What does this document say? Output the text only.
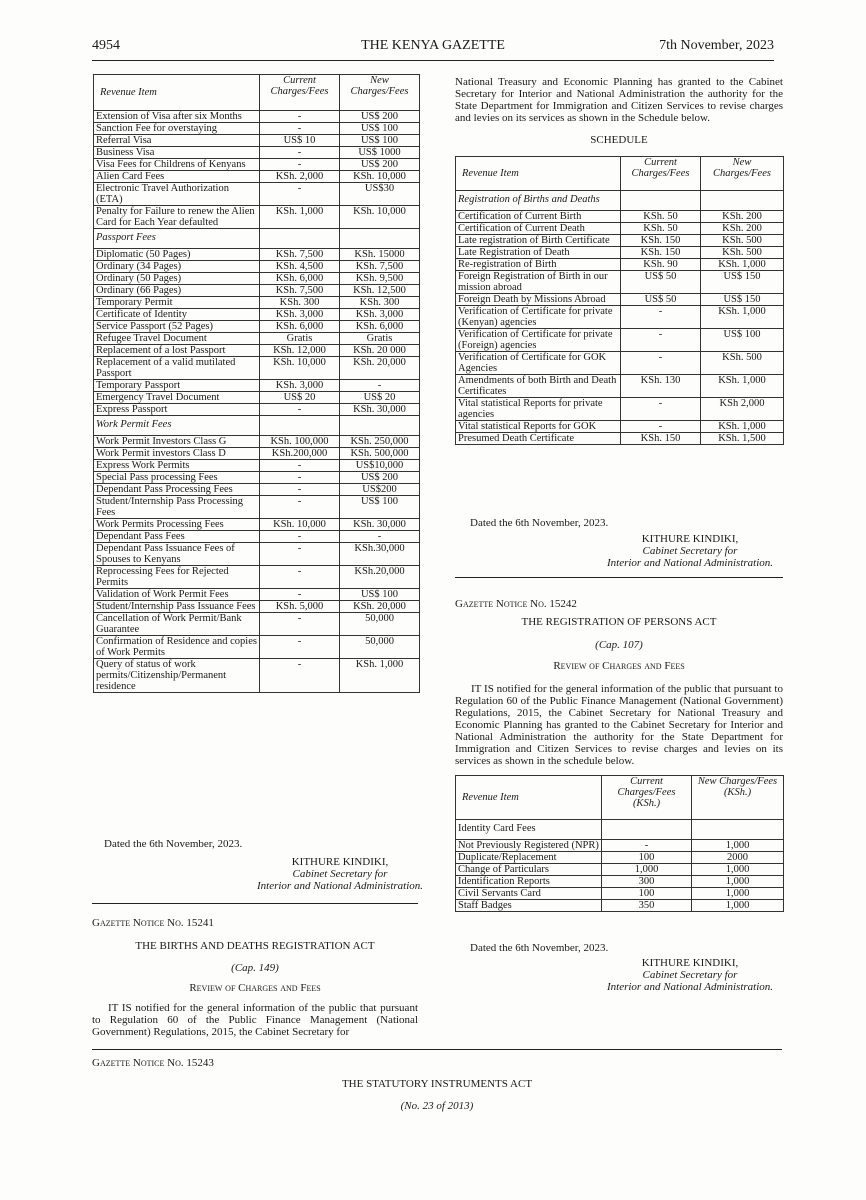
4954	THE KENYA GAZETTE	7th November, 2023
Revenue Item	Current Charges/Fees	New Charges/Fees
Extension of Visa after six Months	-	US$ 200
Sanction Fee for overstaying	-	US$ 100
Referral Visa	US$ 10	US$ 100
Business Visa	-	US$ 1000
Visa Fees for Childrens of Kenyans	-	US$ 200
Alien Card Fees	KSh. 2,000	KSh. 10,000
Electronic Travel Authorization (ETA)	-	US$30
Penalty for Failure to renew the Alien Card for Each Year defaulted	KSh. 1,000	KSh. 10,000
Passport Fees		
Diplomatic (50 Pages)	KSh. 7,500	KSh. 15000
Ordinary (34 Pages)	KSh. 4,500	KSh. 7,500
Ordinary (50 Pages)	KSh. 6,000	KSh. 9,500
Ordinary (66 Pages)	KSh. 7,500	KSh. 12,500
Temporary Permit	KSh. 300	KSh. 300
Certificate of Identity	KSh. 3,000	KSh. 3,000
Service Passport (52 Pages)	KSh. 6,000	KSh. 6,000
Refugee Travel Document	Gratis	Gratis
Replacement of a lost Passport	KSh. 12,000	KSh. 20 000
Replacement of a valid mutilated Passport	KSh. 10,000	KSh. 20,000
Temporary Passport	KSh. 3,000	-
Emergency Travel Document	US$ 20	US$ 20
Express Passport	-	KSh. 30,000
Work Permit Fees		
Work Permit Investors Class G	KSh. 100,000	KSh. 250,000
Work Permit investors Class D	KSh.200,000	KSh. 500,000
Express Work Permits	-	US$10,000
Special Pass processing Fees	-	US$ 200
Dependant Pass Processing Fees	-	US$200
Student/Internship Pass Processing Fees	-	US$ 100
Work Permits Processing Fees	KSh. 10,000	KSh. 30,000
Dependant Pass Fees	-	-
Dependant Pass Issuance Fees of Spouses to Kenyans	-	KSh.30,000
Reprocessing Fees for Rejected Permits	-	KSh.20,000
Validation of Work Permit Fees	-	US$ 100
Student/Internship Pass Issuance Fees	KSh. 5,000	KSh. 20,000
Cancellation of Work Permit/Bank Guarantee	-	50,000
Confirmation of Residence and copies of Work Permits	-	50,000
Query of status of work permits/Citizenship/Permanent residence	-	KSh. 1,000
Dated the 6th November, 2023.
KITHURE KINDIKI,
Cabinet Secretary for
Interior and National Administration.
Gazette Notice No. 15241
THE BIRTHS AND DEATHS REGISTRATION ACT
(Cap. 149)
Review of Charges and Fees
IT IS notified for the general information of the public that pursuant to Regulation 60 of the Public Finance Management (National Government) Regulations, 2015, the Cabinet Secretary for
Gazette Notice No. 15243
THE STATUTORY INSTRUMENTS ACT
(No. 23 of 2013)
National Treasury and Economic Planning has granted to the Cabinet Secretary for Interior and National Administration the authority for the State Department for Immigration and Citizen Services to revise charges and levies on its services as shown in the Schedule below.
SCHEDULE
Revenue Item	Current Charges/Fees	New Charges/Fees
Registration of Births and Deaths		
Certification of Current Birth	KSh. 50	KSh. 200
Certification of Current Death	KSh. 50	KSh. 200
Late registration of Birth Certificate	KSh. 150	KSh. 500
Late Registration of Death	KSh. 150	KSh. 500
Re-registration of Birth	KSh. 90	KSh. 1,000
Foreign Registration of Birth in our mission abroad	US$ 50	US$ 150
Foreign Death by Missions Abroad	US$ 50	US$ 150
Verification of Certificate for private (Kenyan) agencies	-	KSh. 1,000
Verification of Certificate for private (Foreign) agencies	-	US$ 100
Verification of Certificate for GOK Agencies	-	KSh. 500
Amendments of both Birth and Death Certificates	KSh. 130	KSh. 1,000
Vital statistical Reports for private agencies	-	KSh 2,000
Vital statistical Reports for GOK	-	KSh. 1,000
Presumed Death Certificate	KSh. 150	KSh. 1,500
Dated the 6th November, 2023.
KITHURE KINDIKI,
Cabinet Secretary for
Interior and National Administration.
Gazette Notice No. 15242
THE REGISTRATION OF PERSONS ACT
(Cap. 107)
Review of Charges and Fees
IT IS notified for the general information of the public that pursuant to Regulation 60 of the Public Finance Management (National Government) Regulations, 2015, the Cabinet Secretary for National Treasury and Economic Planning has granted to the Cabinet Secretary for Interior and National Administration the authority for the State Department for Immigration and Citizen Services to revise charges and levies on its services as shown in the schedule below.
Revenue Item	Current Charges/Fees (KSh.)	New Charges/Fees (KSh.)
Identity Card Fees		
Not Previously Registered (NPR)	-	1,000
Duplicate/Replacement	100	2000
Change of Particulars	1,000	1,000
Identification Reports	300	1,000
Civil Servants Card	100	1,000
Staff Badges	350	1,000
Dated the 6th November, 2023.
KITHURE KINDIKI,
Cabinet Secretary for
Interior and National Administration.
